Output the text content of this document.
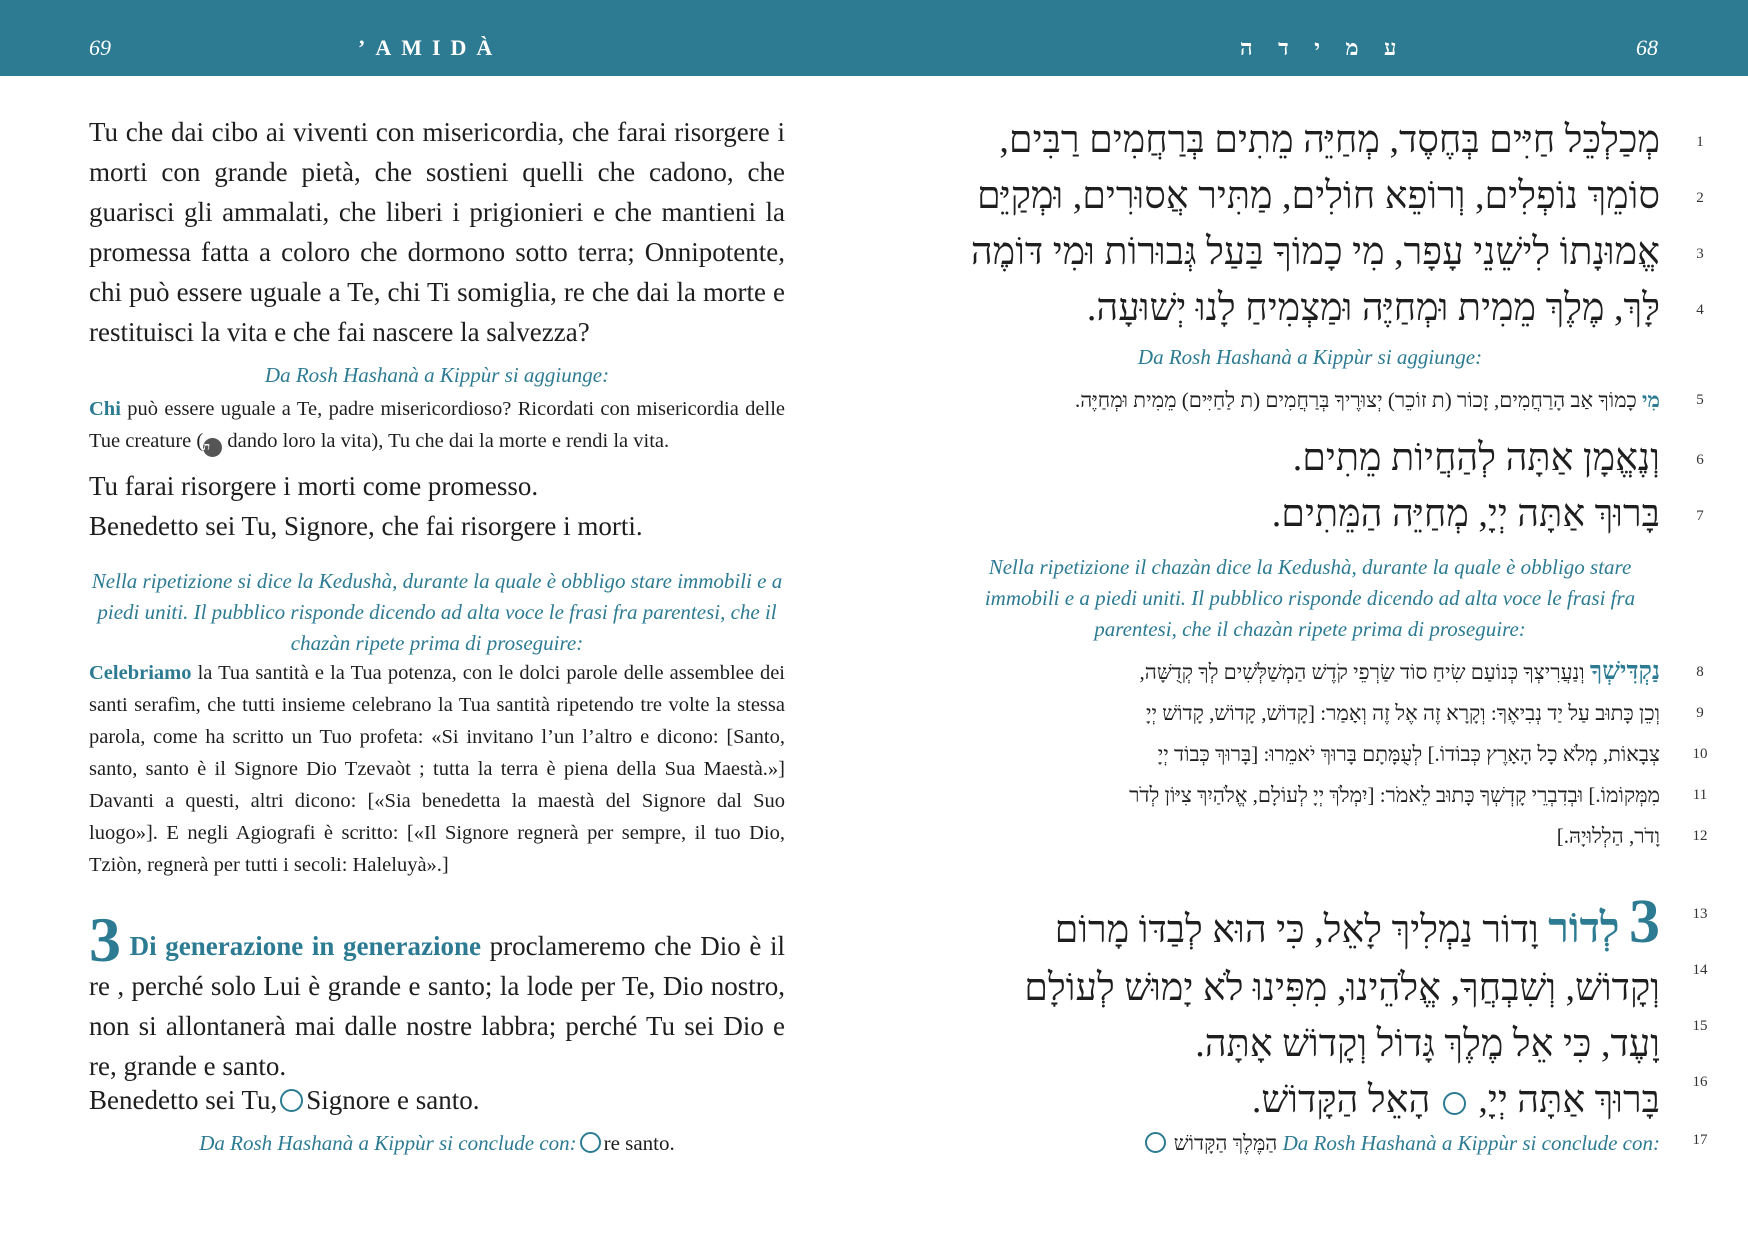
69	’AMIDÀ	ע מ י ד ה	68

Tu che dai cibo ai viventi con misericordia, che farai risorgere i morti con grande pietà, che sostieni quelli che cadono, che guarisci gli ammalati, che liberi i prigionieri e che mantieni la promessa fatta a coloro che dormono sotto terra; Onnipotente, chi può essere uguale a Te, chi Ti somiglia, re che dai la morte e restituisci la vita e che fai nascere la salvezza?

Da Rosh Hashanà a Kippùr si aggiunge:
Chi può essere uguale a Te, padre misericordioso? Ricordati con misericordia delle Tue creature (ת dando loro la vita), Tu che dai la morte e rendi la vita.

Tu farai risorgere i morti come promesso.

Benedetto sei Tu, Signore, che fai risorgere i morti.

Nella ripetizione si dice la Kedushà, durante la quale è obbligo stare immobili e a piedi uniti. Il pubblico risponde dicendo ad alta voce le frasi fra parentesi, che il chazàn ripete prima di proseguire:
Celebriamo la Tua santità e la Tua potenza, con le dolci parole delle assemblee dei santi serafìm, che tutti insieme celebrano la Tua santità ripetendo tre volte la stessa parola, come ha scritto un Tuo profeta: «Si invitano l’un l’altro e dicono: [Santo, santo, santo è il Signore Dio Tzevaòt ; tutta la terra è piena della Sua Maestà.»] Davanti a questi, altri dicono: [«Sia benedetta la maestà del Signore dal Suo luogo»]. E negli Agiografi è scritto: [«Il Signore regnerà per sempre, il tuo Dio, Tziòn, regnerà per tutti i secoli: Haleluyà».]
3 Di generazione in generazione proclameremo che Dio è il re , perché solo Lui è grande e santo; la lode per Te, Dio nostro, non si allontanerà mai dalle nostre labbra; perché Tu sei Dio e re, grande e santo.
Benedetto sei Tu, Signore e santo.
Da Rosh Hashanà a Kippùr si conclude con: re santo.
מְכַלְכֵּל חַיִּים בְּחֶסֶד, מְחַיֵּה מֵתִים בְּרַחֲמִים רַבִּים,
סוֹמֵךְ נוֹפְלִים, וְרוֹפֵא חוֹלִים, מַתִּיר אֲסוּרִים, וּמְקַיֵּם
אֱמוּנָתוֹ לִישֵׁנֵי עָפָר, מִי כָמוֹךָ בַּעַל גְּבוּרוֹת וּמִי דּוֹמֶה
לָּךְ, מֶלֶךְ מֵמִית וּמְחַיֶּה וּמַצְמִיחַ לָנוּ יְשׁוּעָה.
Da Rosh Hashanà a Kippùr si aggiunge:
מִי כָמוֹךָ אַב הָרַחֲמִים, זָכוֹר (ת זוֹכֵר) יְצוּרֶיךָ בְּרַחֲמִים (ת לַחַיִּים) מֵמִית וּמְחַיֶּה.
וְנֶאֱמָן אַתָּה לְהַחֲיוֹת מֵתִים.
בָּרוּךְ אַתָּה יְיָ, מְחַיֵּה הַמֵּתִים.
Nella ripetizione il chazàn dice la Kedushà, durante la quale è obbligo stare immobili e a piedi uniti. Il pubblico risponde dicendo ad alta voce le frasi fra parentesi, che il chazàn ripete prima di proseguire:
נַקְדִּישְׁךָ וְנַעֲרִיצְךָ כְּנוֹעַם שִׂיחַ סוֹד שַׂרְפֵי קֹדֶשׁ הַמְשַׁלְּשִׁים לְךָ קְדֻשָּׁה,
וְכֵן כָּתוּב עַל יַד נְבִיאֶךָ: וְקָרָא זֶה אֶל זֶה וְאָמַר: [קָדוֹשׁ, קָדוֹשׁ, קָדוֹשׁ יְיָ
צְבָאוֹת, מְלֹא כָל הָאָרֶץ כְּבוֹדוֹ.] לְעֻמָּתָם בָּרוּךְ יֹאמֵרוּ: [בָּרוּךְ כְּבוֹד יְיָ
מִמְּקוֹמוֹ.] וּבְדִבְרֵי קָדְשְׁךָ כָּתוּב לֵאמֹר: [יִמְלֹךְ יְיָ לְעוֹלָם, אֱלֹהַיִךְ צִיּוֹן לְדֹר
וָדֹר, הַלְלוּיָהּ.]
3 לְדוֹר וָדוֹר נַמְלִיךְ לָאֵל, כִּי הוּא לְבַדּוֹ מָרוֹם
וְקָדוֹשׁ, וְשִׁבְחֲךָ, אֱלֹהֵינוּ, מִפִּינוּ לֹא יָמוּשׁ לְעוֹלָם
וָעֶד, כִּי אֵל מֶלֶךְ גָּדוֹל וְקָדוֹשׁ אָתָּה.
בָּרוּךְ אַתָּה יְיָ,  הָאֵל הַקָּדוֹשׁ.
הַמֶּלֶךְ הַקָּדוֹשׁ Da Rosh Hashanà a Kippùr si conclude con:
1
2
3
4
5
6
7
8
9
10
11
12
13
14
15
16
17
